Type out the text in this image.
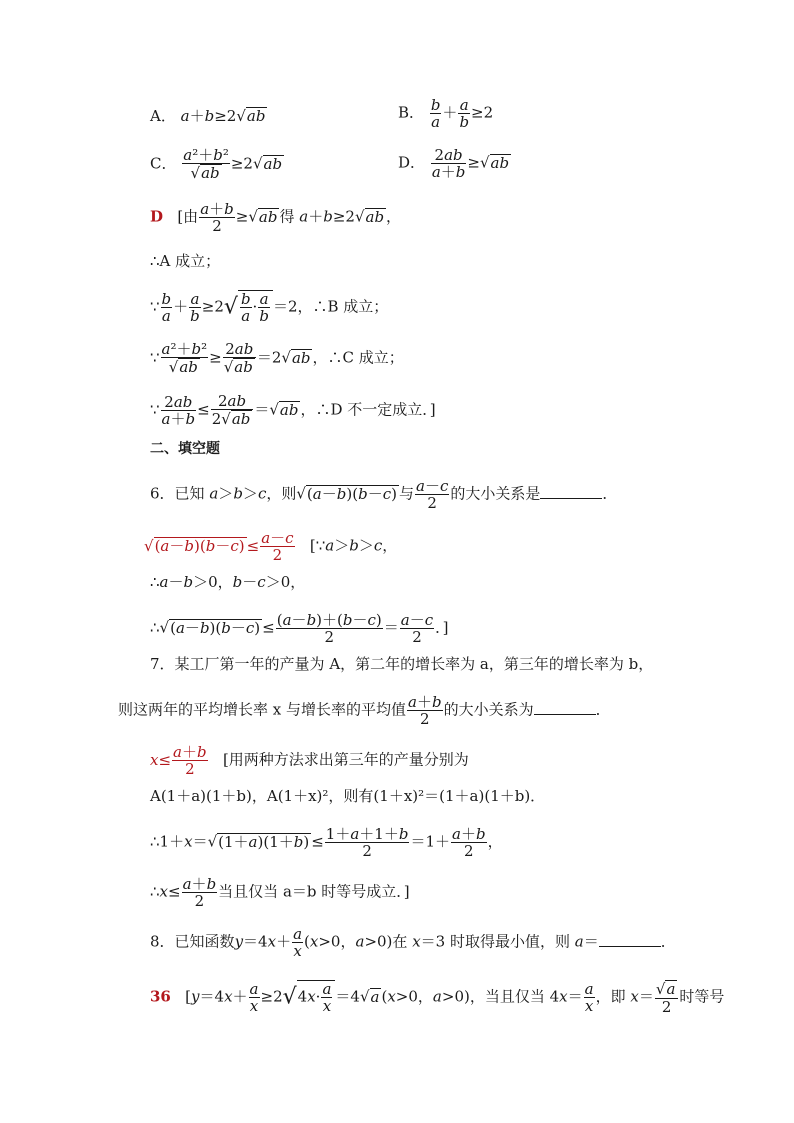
A． a＋b≥2√ab	B． $\frac{b}{a} + \frac{a}{b} \ge 2$
C． $\frac{\text{a²＋b²}}{√ab} \ge 2√ab$	D． $\frac{2ab}{a+b} \ge√ab$
D [由 $\frac{a+b}{2} \ge√ab$ 得 a＋b≥2√ab ，
∴A 成立；
∵ $\frac{b}{a} + \frac{a}{b} \ge 2√ \frac{b}{a} \cdot \frac{a}{b} =2$，∴B 成立；
∵ $\frac{\text{a²＋b²}}{√ab} \ge \frac{2ab}{√ab} =2√ab$ ，∴C 成立；
∵ $\frac{2ab}{a+b} \le \frac{2ab}{2√ab} =√ab$ ，∴D 不一定成立．]
二、填空题
6．已知 a＞b＞c，则√(a－b)(b－c) 与 $\frac{a-c}{2}$ 的大小关系是	．
$√(a-b)(b-c) \le \frac{a-c}{2}$ [∵a＞b＞c，
∴a－b＞0，b－c＞0，
∴√(a－b)(b－c) ≤ $\frac{(a-b)+(b-c)}{2} = \frac{a-c}{2}$ ．]
7．某工厂第一年的产量为 A，第二年的增长率为 a，第三年的增长率为 b，
则这两年的平均增长率 x 与增长率的平均值 $\frac{a+b}{2}$ 的大小关系为	．
$x\le \frac{a+b}{2}$ [用两种方法求出第三年的产量分别为
A(1＋a)(1＋b)，A(1＋x)²，则有(1＋x)²＝(1＋a)(1＋b)．
∴1＋x＝√(1＋a)(1＋b) ≤ $\frac{1+a+1+b}{2} =1+ \frac{a+b}{2}$ ，
∴x≤ $\frac{a+b}{2}$ 当且仅当 a＝b 时等号成立．]
8．已知函数$y=4x+ \frac{a}{x} (x>0$，a>0)在 x＝3 时取得最小值，则 a＝	．
36   [$y=4x+ \frac{a}{x} \ge 2√4x\cdot \frac{a}{x} =4√a$ (x>0，a>0)，当且仅当 $4x= \frac{a}{x}$ ，即 $x= \frac{√a}{2}$ 时等号
